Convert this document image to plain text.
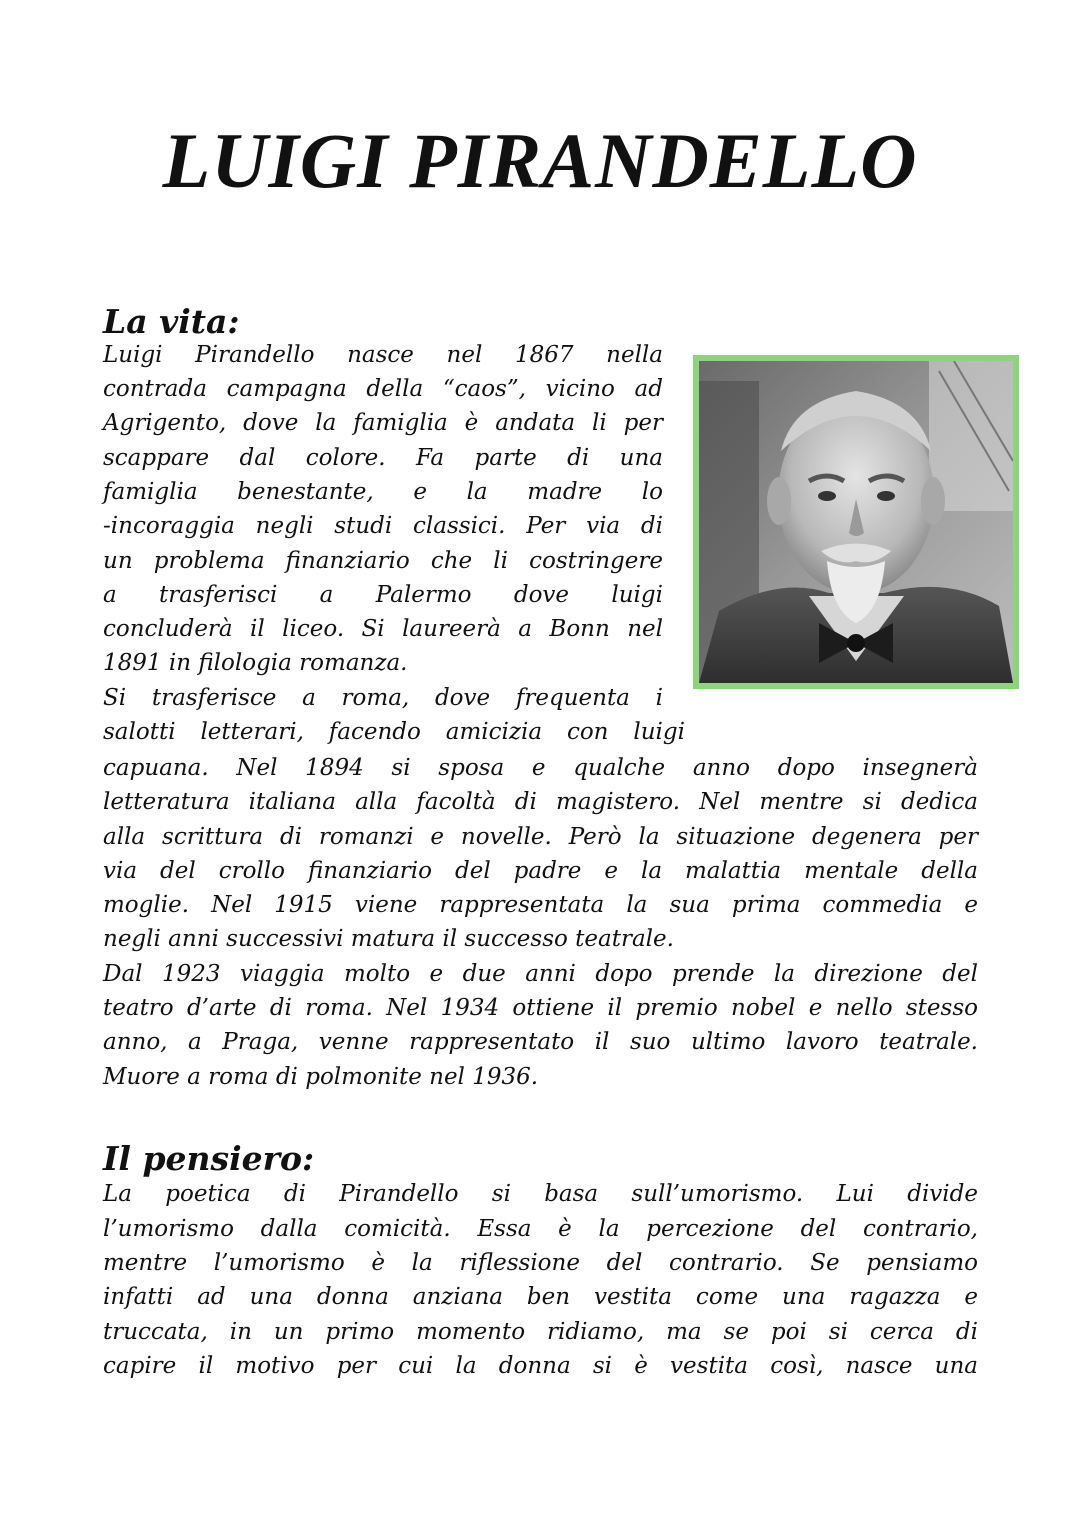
LUIGI PIRANDELLO
La vita:

Luigi Pirandello nasce nel 1867 nella

contrada campagna della “caos”, vicino ad

Agrigento, dove la famiglia è andata li per

scappare dal colore. Fa parte di una

famiglia benestante, e la madre lo

-incoraggia negli studi classici. Per via di

un problema finanziario che li costringere

a trasferisci a Palermo dove luigi

concluderà il liceo. Si laureerà a Bonn nel

1891 in filologia romanza.

Si trasferisce a roma, dove frequenta i

salotti letterari, facendo amicizia con luigi

capuana. Nel 1894 si sposa e qualche anno dopo insegnerà

letteratura italiana alla facoltà di magistero. Nel mentre si dedica

alla scrittura di romanzi e novelle. Però la situazione degenera per

via del crollo finanziario del padre e la malattia mentale della

moglie. Nel 1915 viene rappresentata la sua prima commedia e

negli anni successivi matura il successo teatrale.

Dal 1923 viaggia molto e due anni dopo prende la direzione del

teatro d’arte di roma. Nel 1934 ottiene il premio nobel e nello stesso

anno, a Praga, venne rappresentato il suo ultimo lavoro teatrale.

Muore a roma di polmonite nel 1936.

Il pensiero:

La poetica di Pirandello si basa sull’umorismo. Lui divide

l’umorismo dalla comicità. Essa è la percezione del contrario,

mentre l’umorismo è la riflessione del contrario. Se pensiamo

infatti ad una donna anziana ben vestita come una ragazza e

truccata, in un primo momento ridiamo, ma se poi si cerca di

capire il motivo per cui la donna si è vestita così, nasce una
